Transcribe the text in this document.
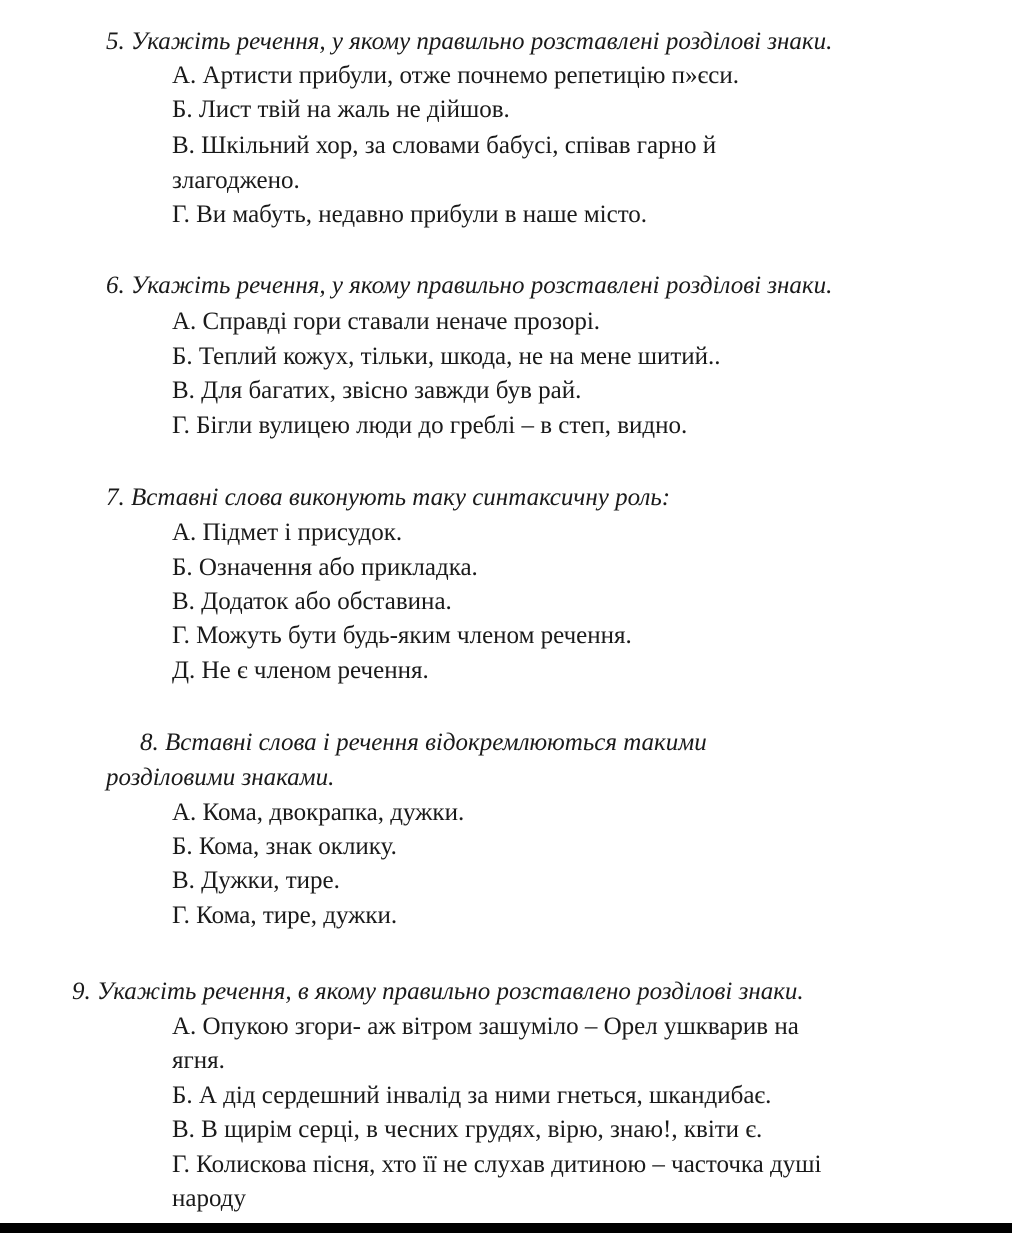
5. Укажіть речення, у якому правильно розставлені розділові знаки.
А. Артисти прибули, отже почнемо репетицію п»єси.
Б. Лист твій на жаль не дійшов.
В. Шкільний хор, за словами бабусі, співав гарно й
злагоджено.
Г. Ви мабуть, недавно прибули в наше місто.
6. Укажіть речення, у якому правильно розставлені розділові знаки.
А. Справді гори ставали неначе прозорі.
Б. Теплий кожух, тільки, шкода, не на мене шитий..
В. Для багатих, звісно завжди був рай.
Г. Бігли вулицею люди до греблі – в степ, видно.
7. Вставні слова виконують таку синтаксичну роль:
А. Підмет і присудок.
Б. Означення або прикладка.
В. Додаток або обставина.
Г. Можуть бути будь-яким членом речення.
Д. Не є членом речення.
8. Вставні слова і речення відокремлюються такими
розділовими знаками.
А. Кома, двокрапка, дужки.
Б. Кома, знак оклику.
В. Дужки, тире.
Г. Кома, тире, дужки.
9. Укажіть речення, в якому правильно розставлено розділові знаки.
А. Опукою згори- аж вітром зашуміло – Орел ушкварив на
ягня.
Б. А дід сердешний інвалід за ними гнеться, шкандибає.
В. В щирім серці, в чесних грудях, вірю, знаю!, квіти є.
Г. Колискова пісня, хто її не слухав дитиною – часточка душі
народу
